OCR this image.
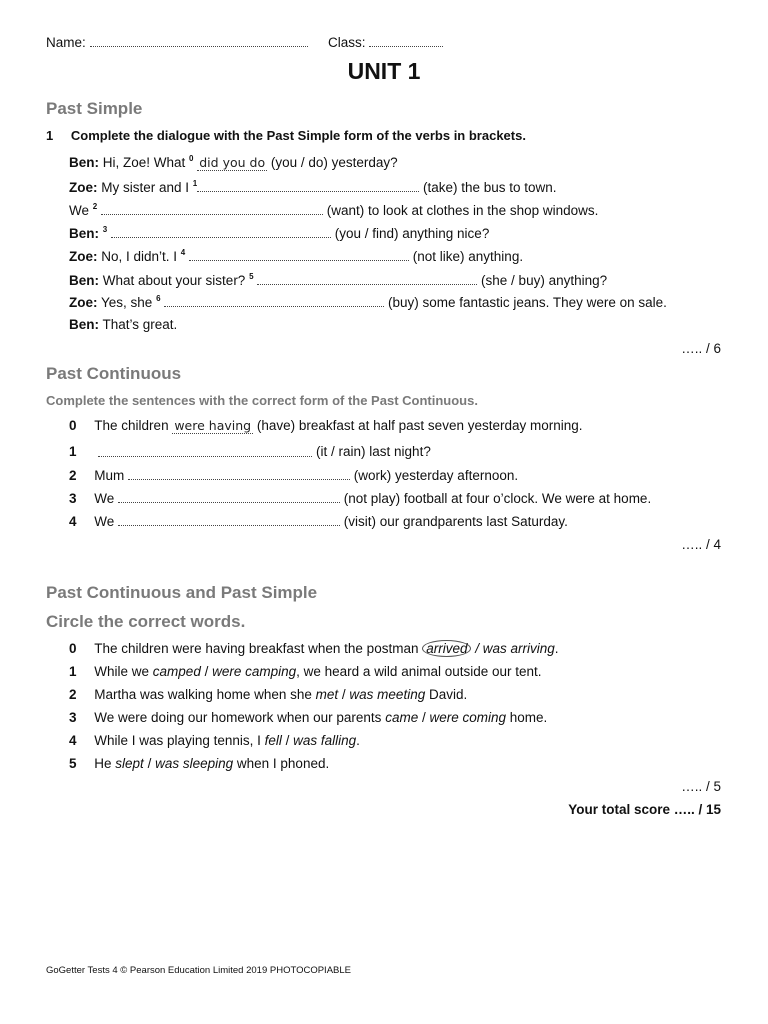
Name:	Class:
UNIT 1
Past Simple
1 Complete the dialogue with the Past Simple form of the verbs in brackets.
Ben: Hi, Zoe! What $^0$ did you do (you / do) yesterday?
Zoe: My sister and I $^1$	(take) the bus to town.
We $^2$	(want) to look at clothes in the shop windows.
Ben: $^3$	(you / find) anything nice?
Zoe: No, I didn’t. I $^4$	(not like) anything.
Ben: What about your sister? $^5$	(she / buy) anything?
Zoe: Yes, she $^6$	(buy) some fantastic jeans. They were on sale.
Ben: That’s great.
….. / 6
Past Continuous
Complete the sentences with the correct form of the Past Continuous.
0 The children were having (have) breakfast at half past seven yesterday morning.
1	(it / rain) last night?
2 Mum	(work) yesterday afternoon.
3 We	(not play) football at four o’clock. We were at home.
4 We	(visit) our grandparents last Saturday.
….. / 4
Past Continuous and Past Simple
Circle the correct words.
0 The children were having breakfast when the postman arrived / was arriving.
1 While we camped / were camping, we heard a wild animal outside our tent.
2 Martha was walking home when she met / was meeting David.
3 We were doing our homework when our parents came / were coming home.
4 While I was playing tennis, I fell / was falling.
5 He slept / was sleeping when I phoned.
….. / 5
Your total score ….. / 15
GoGetter Tests 4 © Pearson Education Limited 2019 PHOTOCOPIABLE
